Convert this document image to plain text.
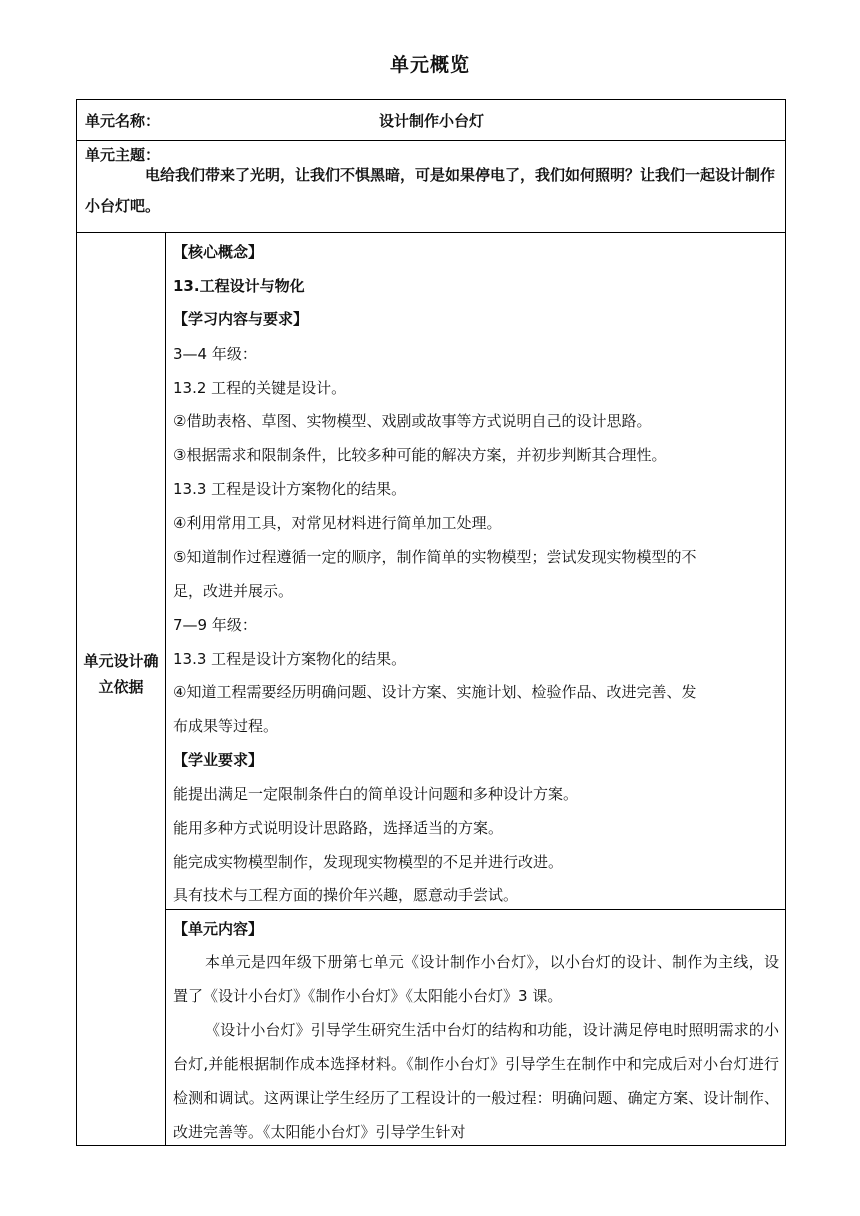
单元概览
单元名称：	设计制作小台灯
单元主题：
电给我们带来了光明，让我们不惧黑暗，可是如果停电了，我们如何照明？让我们一起设计制作小台灯吧。
单元设计确立依据
【核心概念】
13.工程设计与物化
【学习内容与要求】
3—4 年级：
13.2 工程的关键是设计。
②借助表格、草图、实物模型、戏剧或故事等方式说明自己的设计思路。
③根据需求和限制条件，比较多种可能的解决方案，并初步判断其合理性。
13.3 工程是设计方案物化的结果。
④利用常用工具，对常见材料进行简单加工处理。
⑤知道制作过程遵循一定的顺序，制作简单的实物模型；尝试发现实物模型的不
足，改进并展示。
7—9 年级：
13.3 工程是设计方案物化的结果。
④知道工程需要经历明确问题、设计方案、实施计划、检验作品、改进完善、发
布成果等过程。
【学业要求】
能提出满足一定限制条件白的简单设计问题和多种设计方案。
能用多种方式说明设计思路路，选择适当的方案。
能完成实物模型制作，发现现实物模型的不足并进行改进。
具有技术与工程方面的操价年兴趣，愿意动手尝试。
【单元内容】
本单元是四年级下册第七单元《设计制作小台灯》，以小台灯的设计、制作为主线，设置了《设计小台灯》《制作小台灯》《太阳能小台灯》3 课。
《设计小台灯》引导学生研究生活中台灯的结构和功能，设计满足停电时照明需求的小台灯,并能根据制作成本选择材料。《制作小台灯》引导学生在制作中和完成后对小台灯进行检测和调试。这两课让学生经历了工程设计的一般过程：明确问题、确定方案、设计制作、改进完善等。《太阳能小台灯》引导学生针对
